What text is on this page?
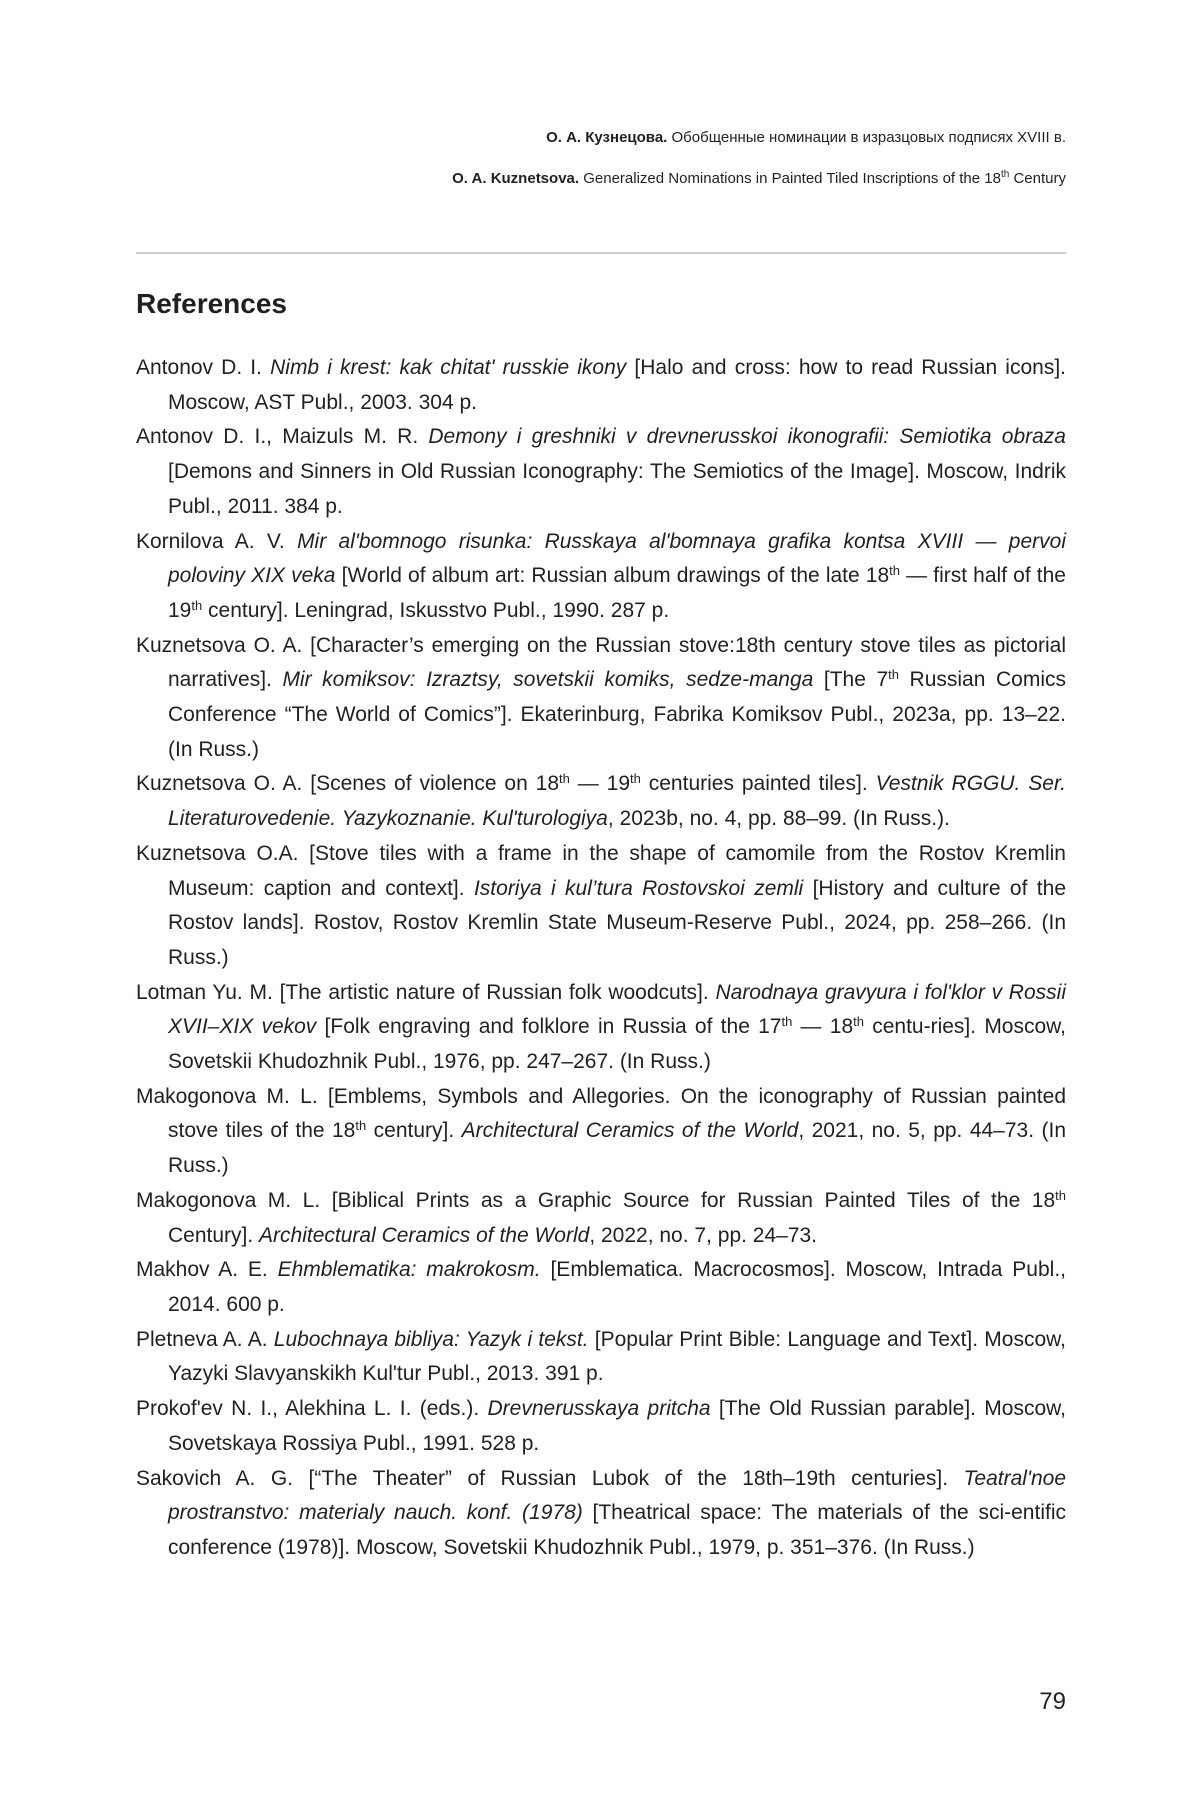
О. А. Кузнецова. Обобщенные номинации в изразцовых подписях XVIII в.
O. A. Kuznetsova. Generalized Nominations in Painted Tiled Inscriptions of the 18th Century
References
Antonov D. I. Nimb i krest: kak chitat' russkie ikony [Halo and cross: how to read Russian icons]. Moscow, AST Publ., 2003. 304 p.
Antonov D. I., Maizuls M. R. Demony i greshniki v drevnerusskoi ikonografii: Semiotika obraza [Demons and Sinners in Old Russian Iconography: The Semiotics of the Image]. Moscow, Indrik Publ., 2011. 384 p.
Kornilova A. V. Mir al'bomnogo risunka: Russkaya al'bomnaya grafika kontsa XVIII — pervoi poloviny XIX veka [World of album art: Russian album drawings of the late 18th — first half of the 19th century]. Leningrad, Iskusstvo Publ., 1990. 287 p.
Kuznetsova O. A. [Character’s emerging on the Russian stove:18th century stove tiles as pictorial narratives]. Mir komiksov: Izraztsy, sovetskii komiks, sedze-manga [The 7th Russian Comics Conference “The World of Comics”]. Ekaterinburg, Fabrika Komiksov Publ., 2023a, pp. 13–22. (In Russ.)
Kuznetsova O. A. [Scenes of violence on 18th — 19th centuries painted tiles]. Vestnik RGGU. Ser. Literaturovedenie. Yazykoznanie. Kul'turologiya, 2023b, no. 4, pp. 88–99. (In Russ.).
Kuznetsova O.A. [Stove tiles with a frame in the shape of camomile from the Rostov Kremlin Museum: caption and context]. Istoriya i kul’tura Rostovskoi zemli [History and culture of the Rostov lands]. Rostov, Rostov Kremlin State Museum-Reserve Publ., 2024, pp. 258–266. (In Russ.)
Lotman Yu. M. [The artistic nature of Russian folk woodcuts]. Narodnaya gravyura i fol'klor v Rossii XVII–XIX vekov [Folk engraving and folklore in Russia of the 17th — 18th centu-ries]. Moscow, Sovetskii Khudozhnik Publ., 1976, pp. 247–267. (In Russ.)
Makogonova M. L. [Emblems, Symbols and Allegories. On the iconography of Russian painted stove tiles of the 18th century]. Architectural Ceramics of the World, 2021, no. 5, pp. 44–73. (In Russ.)
Makogonova M. L. [Biblical Prints as a Graphic Source for Russian Painted Tiles of the 18th Century]. Architectural Ceramics of the World, 2022, no. 7, pp. 24–73.
Makhov A. E. Ehmblematika: makrokosm. [Emblematica. Macrocosmos]. Moscow, Intrada Publ., 2014. 600 p.
Pletneva A. A. Lubochnaya bibliya: Yazyk i tekst. [Popular Print Bible: Language and Text]. Moscow, Yazyki Slavyanskikh Kul'tur Publ., 2013. 391 p.
Prokof'ev N. I., Alekhina L. I. (eds.). Drevnerusskaya pritcha [The Old Russian parable]. Moscow, Sovetskaya Rossiya Publ., 1991. 528 p.
Sakovich A. G. [“The Theater” of Russian Lubok of the 18th–19th centuries]. Teatral'noe prostranstvo: materialy nauch. konf. (1978) [Theatrical space: The materials of the sci-entific conference (1978)]. Moscow, Sovetskii Khudozhnik Publ., 1979, p. 351–376. (In Russ.)
79
